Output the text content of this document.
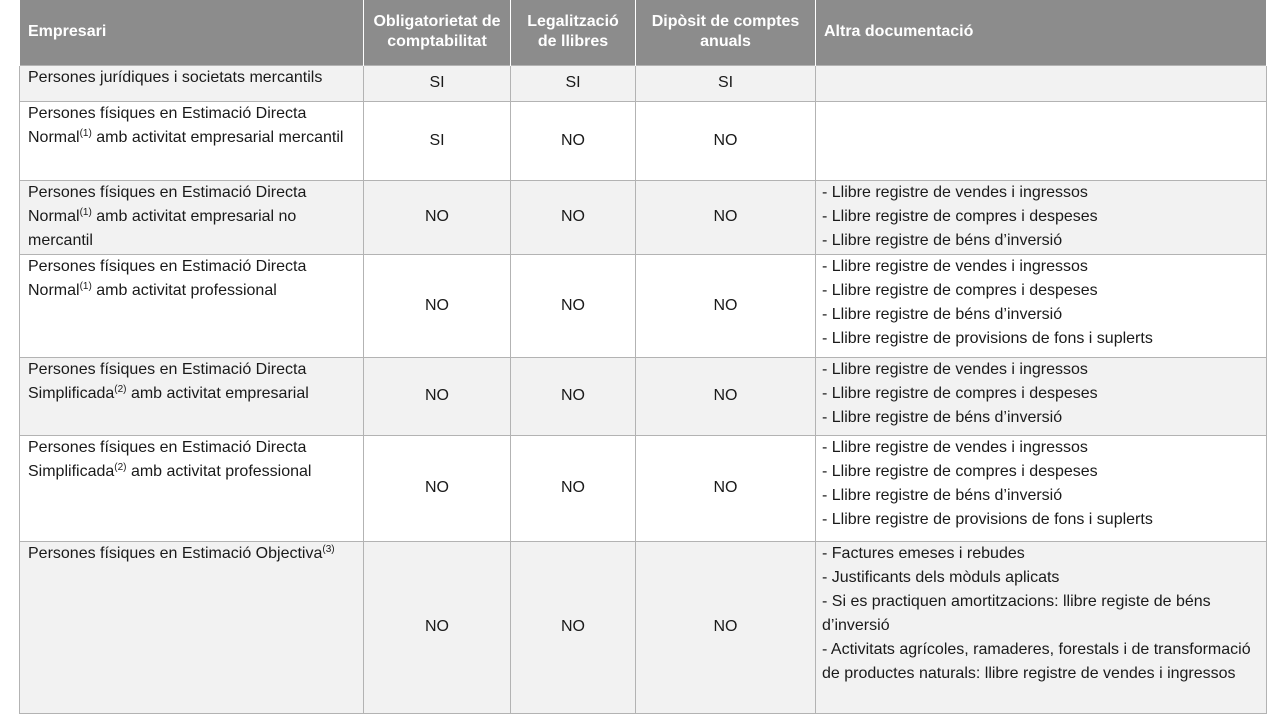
Empresari	Obligatorietat de comptabilitat	Legalització de llibres	Dipòsit de comptes anuals	Altra documentació
Persones jurídiques i societats mercantils	SI	SI	SI	
Persones físiques en Estimació Directa Normal$^{(1)}$ amb activitat empresarial mercantil	SI	NO	NO	
Persones físiques en Estimació Directa Normal$^{(1)}$ amb activitat empresarial no mercantil	NO	NO	NO	- Llibre registre de vendes i ingressos
- Llibre registre de compres i despeses
- Llibre registre de béns d’inversió

Persones físiques en Estimació Directa Normal$^{(1)}$ amb activitat professional	NO	NO	NO	- Llibre registre de vendes i ingressos
- Llibre registre de compres i despeses
- Llibre registre de béns d’inversió
- Llibre registre de provisions de fons i suplerts

Persones físiques en Estimació Directa Simplificada$^{(2)}$ amb activitat empresarial	NO	NO	NO	- Llibre registre de vendes i ingressos
- Llibre registre de compres i despeses
- Llibre registre de béns d’inversió

Persones físiques en Estimació Directa Simplificada$^{(2)}$ amb activitat professional	NO	NO	NO	- Llibre registre de vendes i ingressos
- Llibre registre de compres i despeses
- Llibre registre de béns d’inversió
- Llibre registre de provisions de fons i suplerts

Persones físiques en Estimació Objectiva$^{(3)}$	NO	NO	NO	- Factures emeses i rebudes
- Justificants dels mòduls aplicats
- Si es practiquen amortitzacions: llibre registe de béns d’inversió
- Activitats agrícoles, ramaderes, forestals i de transformació de productes naturals: llibre registre de vendes i ingressos
